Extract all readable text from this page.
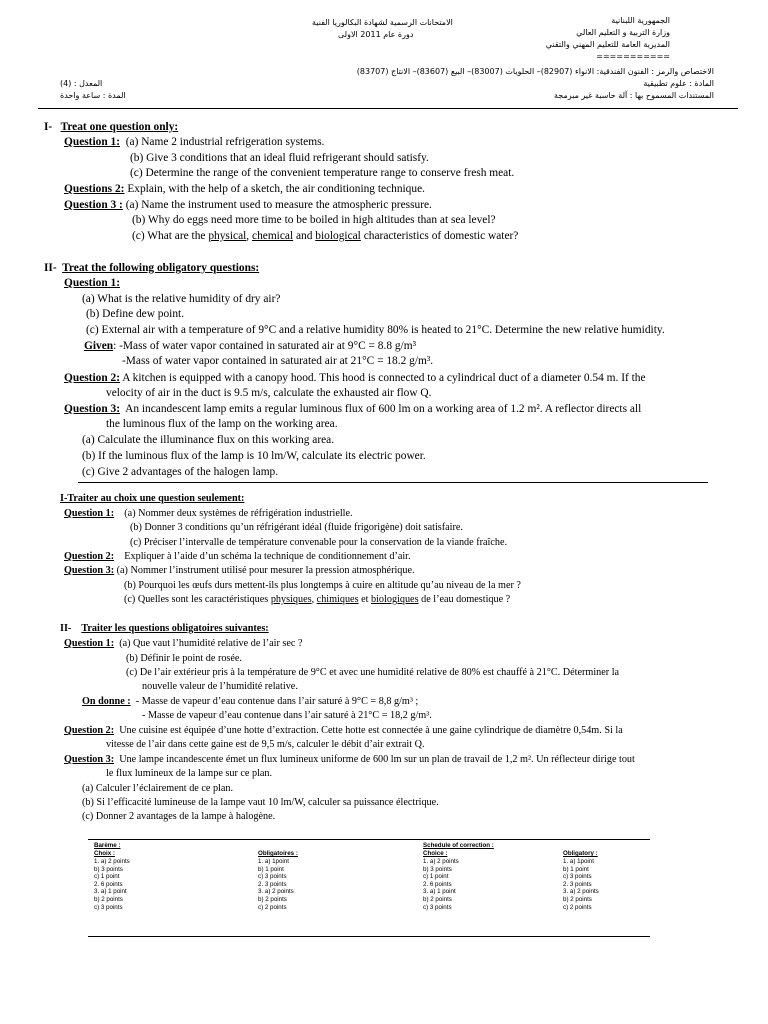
الامتحانات الرسمية لشهادة البكالوريا الفنية
دورة عام 2011 الاولى
الجمهورية اللبنانية
وزارة التربية و التعليم العالي
المديرية العامة للتعليم المهني والتقني
===========
الاختصاص والرمز : الفنون الفندقية: الانواء (82907)– الحلويات (83007)– البيع (83607)– الانتاج (83707)
المادة : علوم تطبيقية
المستندات المسموح بها : آلة حاسبة غير مبرمجة
المعدل : (4)
المدة : ساعة واحدة
I- Treat one question only:
Question 1: (a) Name 2 industrial refrigeration systems.
(b) Give 3 conditions that an ideal fluid refrigerant should satisfy.
(c) Determine the range of the convenient temperature range to conserve fresh meat.
Questions 2: Explain, with the help of a sketch, the air conditioning technique.
Question 3 : (a) Name the instrument used to measure the atmospheric pressure.
(b) Why do eggs need more time to be boiled in high altitudes than at sea level?
(c) What are the physical, chemical and biological characteristics of domestic water?
II- Treat the following obligatory questions:
Question 1:
(a) What is the relative humidity of dry air?
(b) Define dew point.
(c) External air with a temperature of 9°C and a relative humidity 80% is heated to 21°C. Determine the new relative humidity.
Given: -Mass of water vapor contained in saturated air at 9°C = 8.8 g/m³
-Mass of water vapor contained in saturated air at 21°C = 18.2 g/m³.
Question 2: A kitchen is equipped with a canopy hood. This hood is connected to a cylindrical duct of a diameter 0.54 m. If the
velocity of air in the duct is 9.5 m/s, calculate the exhausted air flow Q.
Question 3: An incandescent lamp emits a regular luminous flux of 600 lm on a working area of 1.2 m². A reflector directs all
the luminous flux of the lamp on the working area.
(a) Calculate the illuminance flux on this working area.
(b) If the luminous flux of the lamp is 10 lm/W, calculate its electric power.
(c) Give 2 advantages of the halogen lamp.
I-Traiter au choix une question seulement:
Question 1: (a) Nommer deux systèmes de réfrigération industrielle.
(b) Donner 3 conditions qu’un réfrigérant idéal (fluide frigorigène) doit satisfaire.
(c) Préciser l’intervalle de température convenable pour la conservation de la viande fraîche.
Question 2: Expliquer à l’aide d’un schéma la technique de conditionnement d’air.
Question 3: (a) Nommer l’instrument utilisé pour mesurer la pression atmosphérique.
(b) Pourquoi les œufs durs mettent-ils plus longtemps à cuire en altitude qu’au niveau de la mer ?
(c) Quelles sont les caractéristiques physiques, chimiques et biologiques de l’eau domestique ?
II- Traiter les questions obligatoires suivantes:
Question 1: (a) Que vaut l’humidité relative de l’air sec ?
(b) Définir le point de rosée.
(c) De l’air extérieur pris à la température de 9°C et avec une humidité relative de 80% est chauffé à 21°C. Déterminer la
nouvelle valeur de l’humidité relative.
On donne : - Masse de vapeur d’eau contenue dans l’air saturé à 9°C = 8,8 g/m³ ;
- Masse de vapeur d’eau contenue dans l’air saturé à 21°C = 18,2 g/m³.
Question 2: Une cuisine est équipée d’une hotte d’extraction. Cette hotte est connectée à une gaine cylindrique de diamètre 0,54m. Si la
vitesse de l’air dans cette gaine est de 9,5 m/s, calculer le débit d’air extrait Q.
Question 3: Une lampe incandescente émet un flux lumineux uniforme de 600 lm sur un plan de travail de 1,2 m². Un réflecteur dirige tout
le flux lumineux de la lampe sur ce plan.
(a) Calculer l’éclairement de ce plan.
(b) Si l’efficacité lumineuse de la lampe vaut 10 lm/W, calculer sa puissance électrique.
(c) Donner 2 avantages de la lampe à halogène.
Barème :
Choix :	Obligatoires :
Schedule of correction :
Choice :	Obligatory :
1. a) 2 points
b) 3 points
c) 1 point
2. 6 points
3. a) 1 point
b) 2 points
c) 3 points
1. a) 1point
b) 1 point
c) 3 points
2. 3 points
3. a) 2 points
b) 2 points
c) 2 points
1. a) 2 points
b) 3 points
c) 1 point
2. 6 points
3. a) 1 point
b) 2 points
c) 3 points
1. a) 1point
b) 1 point
c) 3 points
2. 3 points
3. a) 2 points
b) 2 points
c) 2 points
